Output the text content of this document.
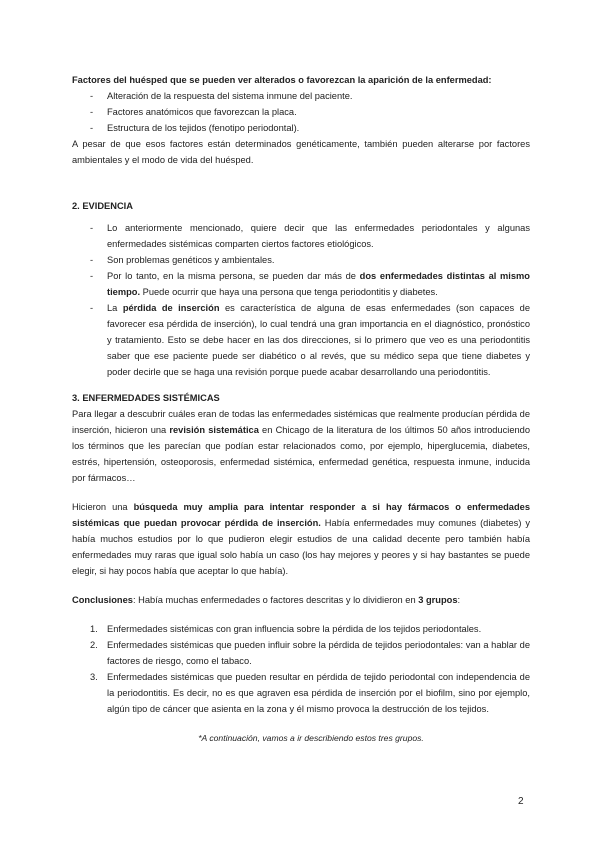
Factores del huésped que se pueden ver alterados o favorezcan la aparición de la enfermedad:

- Alteración de la respuesta del sistema inmune del paciente.
- Factores anatómicos que favorezcan la placa.
- Estructura de los tejidos (fenotipo periodontal).

A pesar de que esos factores están determinados genéticamente, también pueden alterarse por factores ambientales y el modo de vida del huésped.

2. EVIDENCIA

- Lo anteriormente mencionado, quiere decir que las enfermedades periodontales y algunas enfermedades sistémicas comparten ciertos factores etiológicos.
- Son problemas genéticos y ambientales.
- Por lo tanto, en la misma persona, se pueden dar más de dos enfermedades distintas al mismo tiempo. Puede ocurrir que haya una persona que tenga periodontitis y diabetes.
- La pérdida de inserción es característica de alguna de esas enfermedades (son capaces de favorecer esa pérdida de inserción), lo cual tendrá una gran importancia en el diagnóstico, pronóstico y tratamiento. Esto se debe hacer en las dos direcciones, si lo primero que veo es una periodontitis saber que ese paciente puede ser diabético o al revés, que su médico sepa que tiene diabetes y poder decirle que se haga una revisión porque puede acabar desarrollando una periodontitis.

3. ENFERMEDADES SISTÉMICAS

Para llegar a descubrir cuáles eran de todas las enfermedades sistémicas que realmente producían pérdida de inserción, hicieron una revisión sistemática en Chicago de la literatura de los últimos 50 años introduciendo los términos que les parecían que podían estar relacionados como, por ejemplo, hiperglucemia, diabetes, estrés, hipertensión, osteoporosis, enfermedad sistémica, enfermedad genética, respuesta inmune, inducida por fármacos…

Hicieron una búsqueda muy amplia para intentar responder a si hay fármacos o enfermedades sistémicas que puedan provocar pérdida de inserción. Había enfermedades muy comunes (diabetes) y había muchos estudios por lo que pudieron elegir estudios de una calidad decente pero también había enfermedades muy raras que igual solo había un caso (los hay mejores y peores y si hay bastantes se puede elegir, si hay pocos había que aceptar lo que había).

Conclusiones: Había muchas enfermedades o factores descritas y lo dividieron en 3 grupos:

1. Enfermedades sistémicas con gran influencia sobre la pérdida de los tejidos periodontales.
2. Enfermedades sistémicas que pueden influir sobre la pérdida de tejidos periodontales: van a hablar de factores de riesgo, como el tabaco.
3. Enfermedades sistémicas que pueden resultar en pérdida de tejido periodontal con independencia de la periodontitis. Es decir, no es que agraven esa pérdida de inserción por el biofilm, sino por ejemplo, algún tipo de cáncer que asienta en la zona y él mismo provoca la destrucción de los tejidos.

*A continuación, vamos a ir describiendo estos tres grupos.

2
